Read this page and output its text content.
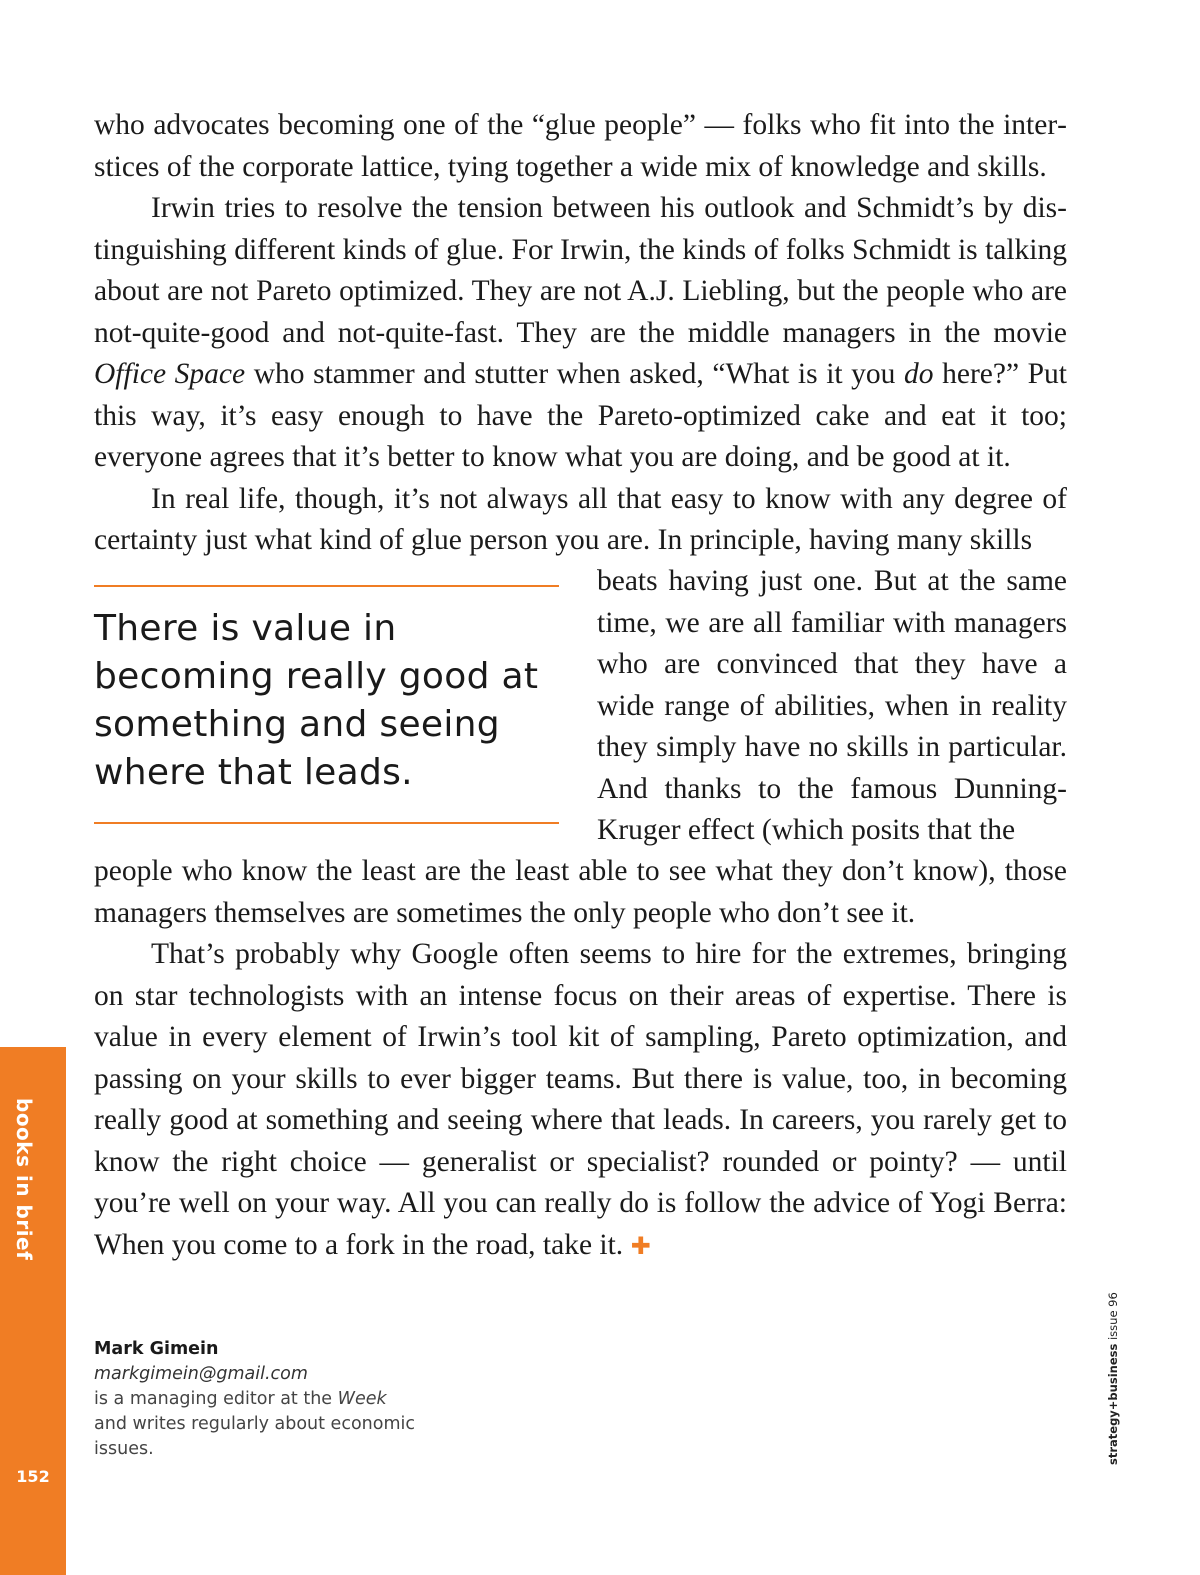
books in brief
152

who advocates becoming one of the “glue people” — folks who fit into the interstices of the corporate lattice, tying together a wide mix of knowledge and skills.

Irwin tries to resolve the tension between his outlook and Schmidt’s by distinguishing different kinds of glue. For Irwin, the kinds of folks Schmidt is talking about are not Pareto optimized. They are not A.J. Liebling, but the people who are not-quite-good and not-quite-fast. They are the middle managers in the movie Office Space who stammer and stutter when asked, “What is it you do here?” Put this way, it’s easy enough to have the Pareto-optimized cake and eat it too; everyone agrees that it’s better to know what you are doing, and be good at it.

In real life, though, it’s not always all that easy to know with any degree of certainty just what kind of glue person you are. In principle, having many skills

There is value in becoming really good at something and seeing where that leads.

beats having just one. But at the same time, we are all familiar with managers who are convinced that they have a wide range of abilities, when in reality they simply have no skills in particular. And thanks to the famous Dunning-Kruger effect (which posits that the

people who know the least are the least able to see what they don’t know), those managers themselves are sometimes the only people who don’t see it.

That’s probably why Google often seems to hire for the extremes, bringing on star technologists with an intense focus on their areas of expertise. There is value in every element of Irwin’s tool kit of sampling, Pareto optimization, and passing on your skills to ever bigger teams. But there is value, too, in becoming really good at something and seeing where that leads. In careers, you rarely get to know the right choice — generalist or specialist? rounded or pointy? — until you’re well on your way. All you can really do is follow the advice of Yogi Berra: When you come to a fork in the road, take it. ✚

Mark Gimein
markgimein@gmail.com
is a managing editor at the Week and writes regularly about economic issues.	strategy+business issue 96
